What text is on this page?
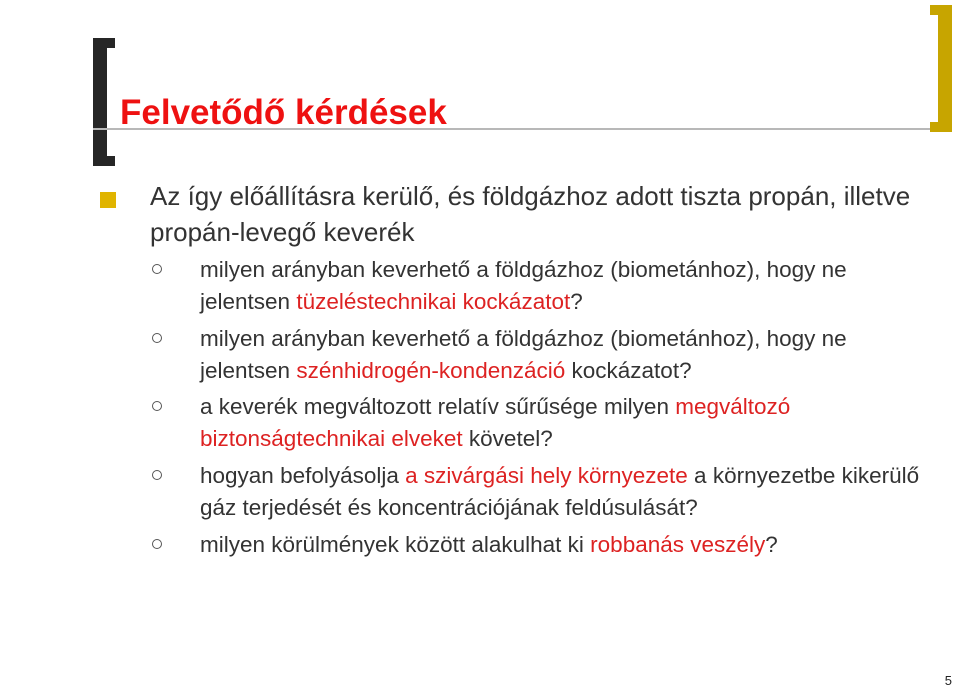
Felvetődő kérdések

Az így előállításra kerülő, és földgázhoz adott tiszta propán, illetve propán-levegő keverék

milyen arányban keverhető a földgázhoz (biometánhoz), hogy ne jelentsen tüzeléstechnikai kockázatot?
milyen arányban keverhető a földgázhoz (biometánhoz), hogy ne jelentsen szénhidrogén-kondenzáció kockázatot?
a keverék megváltozott relatív sűrűsége milyen megváltozó biztonságtechnikai elveket követel?
hogyan befolyásolja a szivárgási hely környezete a környezetbe kikerülő gáz terjedését és koncentrációjának feldúsulását?
milyen körülmények között alakulhat ki robbanás veszély?
5
